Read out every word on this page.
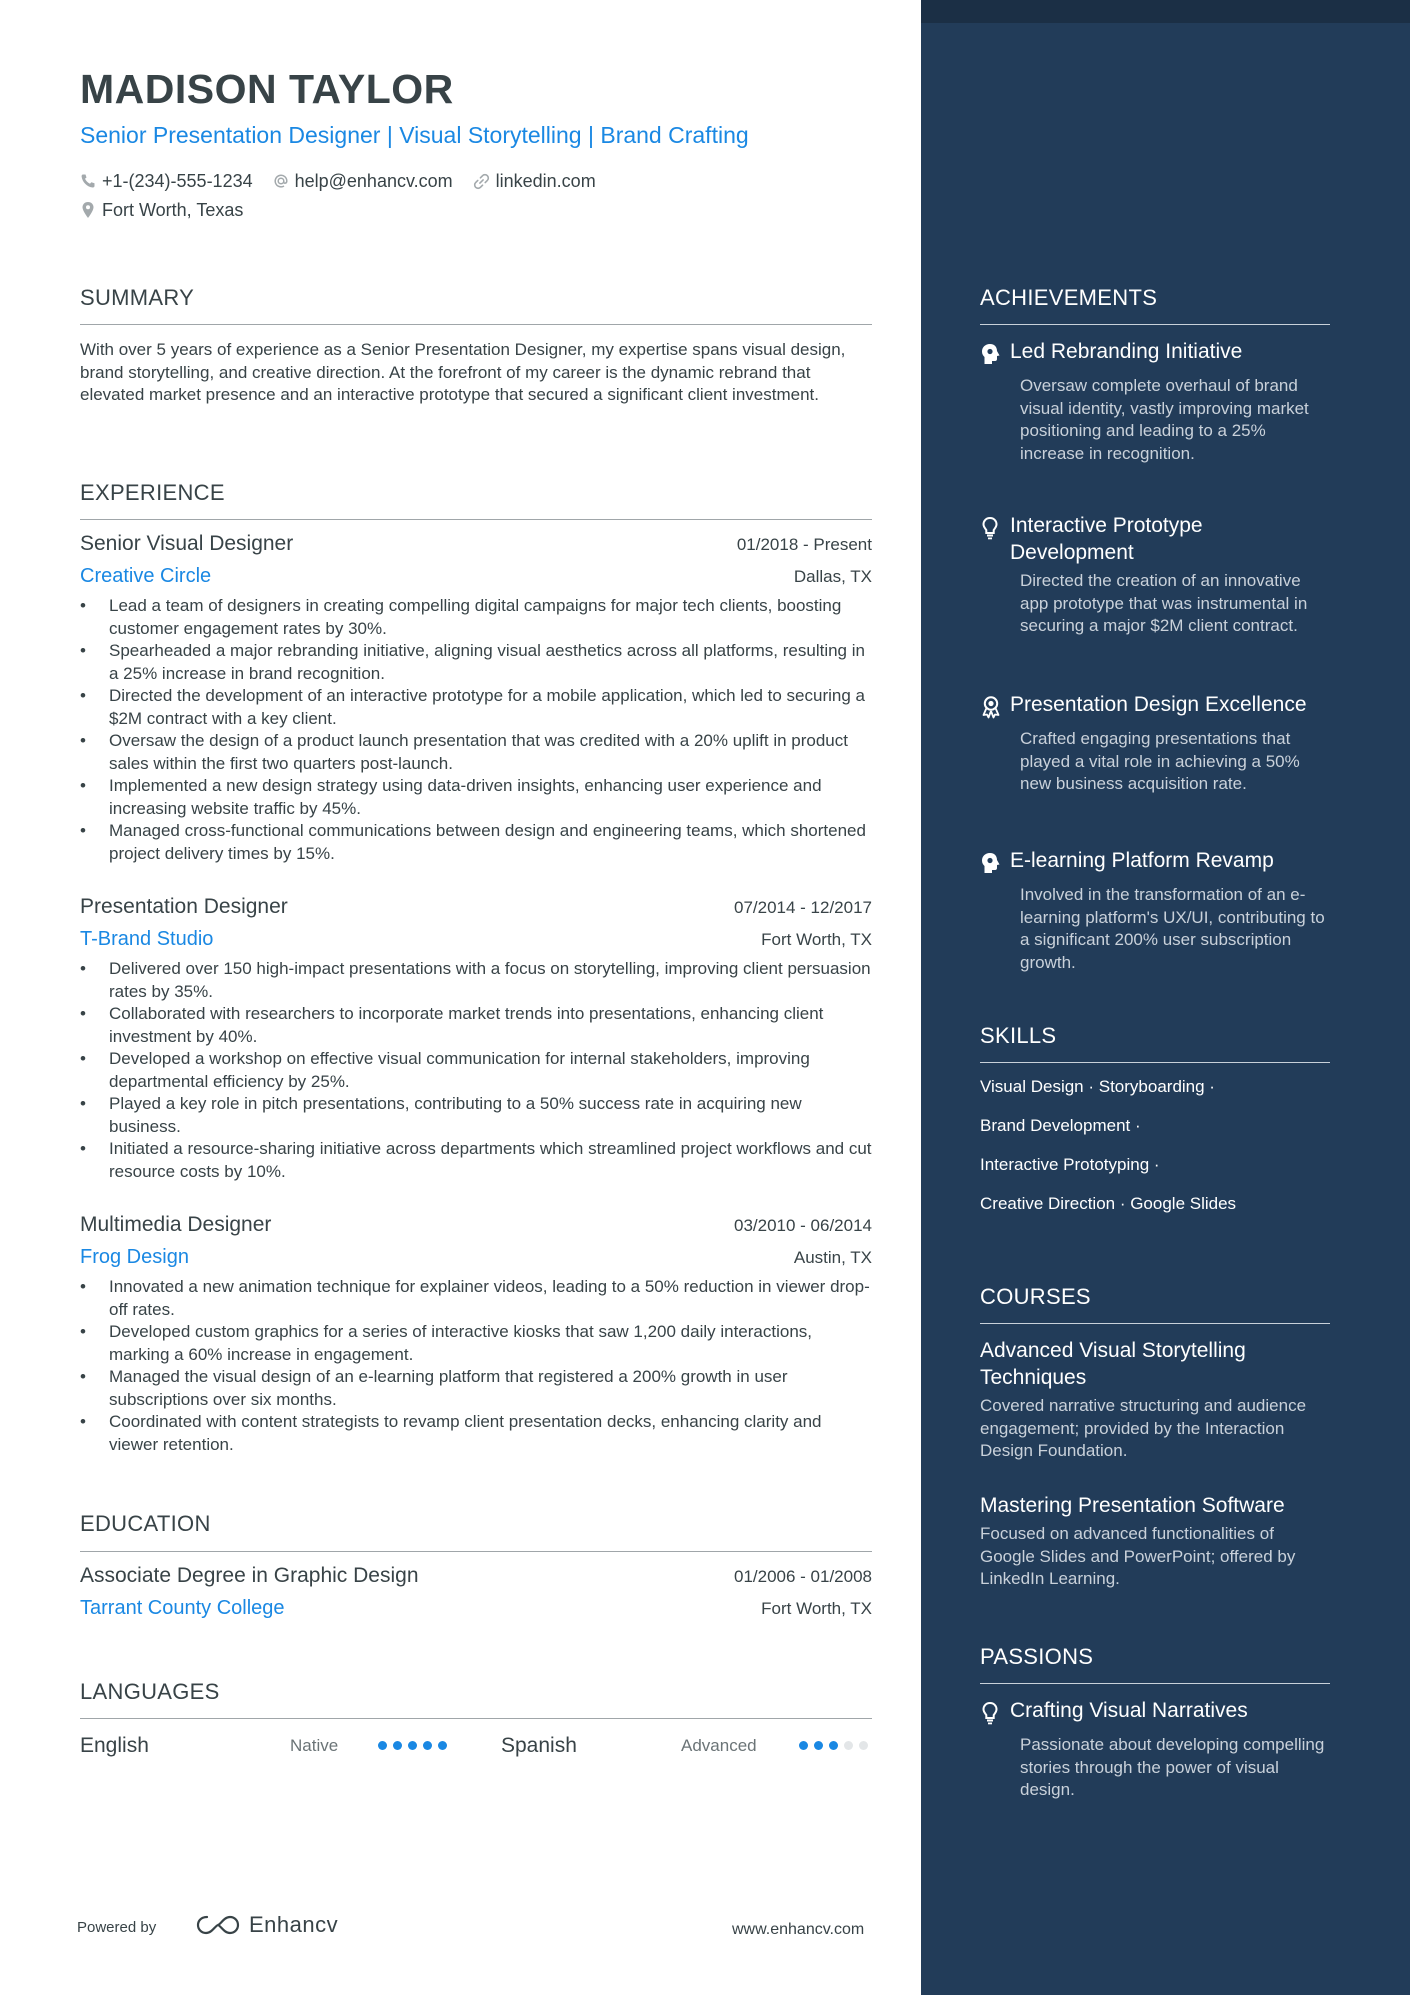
MADISON TAYLOR
Senior Presentation Designer | Visual Storytelling | Brand Crafting
+1-(234)-555-1234 help@enhancv.com linkedin.com
Fort Worth, Texas
SUMMARY
With over 5 years of experience as a Senior Presentation Designer, my expertise spans visual design, brand storytelling, and creative direction. At the forefront of my career is the dynamic rebrand that elevated market presence and an interactive prototype that secured a significant client investment.
EXPERIENCE
Senior Visual Designer	01/2018 - Present
Creative Circle	Dallas, TX
• Lead a team of designers in creating compelling digital campaigns for major tech clients, boosting customer engagement rates by 30%.
• Spearheaded a major rebranding initiative, aligning visual aesthetics across all platforms, resulting in a 25% increase in brand recognition.
• Directed the development of an interactive prototype for a mobile application, which led to securing a $2M contract with a key client.
• Oversaw the design of a product launch presentation that was credited with a 20% uplift in product sales within the first two quarters post-launch.
• Implemented a new design strategy using data-driven insights, enhancing user experience and increasing website traffic by 45%.
• Managed cross-functional communications between design and engineering teams, which shortened project delivery times by 15%.
Presentation Designer	07/2014 - 12/2017
T-Brand Studio	Fort Worth, TX
• Delivered over 150 high-impact presentations with a focus on storytelling, improving client persuasion rates by 35%.
• Collaborated with researchers to incorporate market trends into presentations, enhancing client investment by 40%.
• Developed a workshop on effective visual communication for internal stakeholders, improving departmental efficiency by 25%.
• Played a key role in pitch presentations, contributing to a 50% success rate in acquiring new business.
• Initiated a resource-sharing initiative across departments which streamlined project workflows and cut resource costs by 10%.
Multimedia Designer	03/2010 - 06/2014
Frog Design	Austin, TX
• Innovated a new animation technique for explainer videos, leading to a 50% reduction in viewer drop-off rates.
• Developed custom graphics for a series of interactive kiosks that saw 1,200 daily interactions, marking a 60% increase in engagement.
• Managed the visual design of an e-learning platform that registered a 200% growth in user subscriptions over six months.
• Coordinated with content strategists to revamp client presentation decks, enhancing clarity and viewer retention.
EDUCATION
Associate Degree in Graphic Design	01/2006 - 01/2008
Tarrant County College	Fort Worth, TX
LANGUAGES
English	Native	Spanish	Advanced
Powered by	Enhancv	www.enhancv.com
ACHIEVEMENTS
Led Rebranding Initiative
Oversaw complete overhaul of brand visual identity, vastly improving market positioning and leading to a 25% increase in recognition.
Interactive Prototype Development
Directed the creation of an innovative app prototype that was instrumental in securing a major $2M client contract.
Presentation Design Excellence
Crafted engaging presentations that played a vital role in achieving a 50% new business acquisition rate.
E-learning Platform Revamp
Involved in the transformation of an e-learning platform's UX/UI, contributing to a significant 200% user subscription growth.
SKILLS
Visual Design · Storyboarding ·
Brand Development ·
Interactive Prototyping ·
Creative Direction · Google Slides
COURSES
Advanced Visual Storytelling Techniques
Covered narrative structuring and audience engagement; provided by the Interaction Design Foundation.
Mastering Presentation Software
Focused on advanced functionalities of Google Slides and PowerPoint; offered by LinkedIn Learning.
PASSIONS
Crafting Visual Narratives
Passionate about developing compelling stories through the power of visual design.
